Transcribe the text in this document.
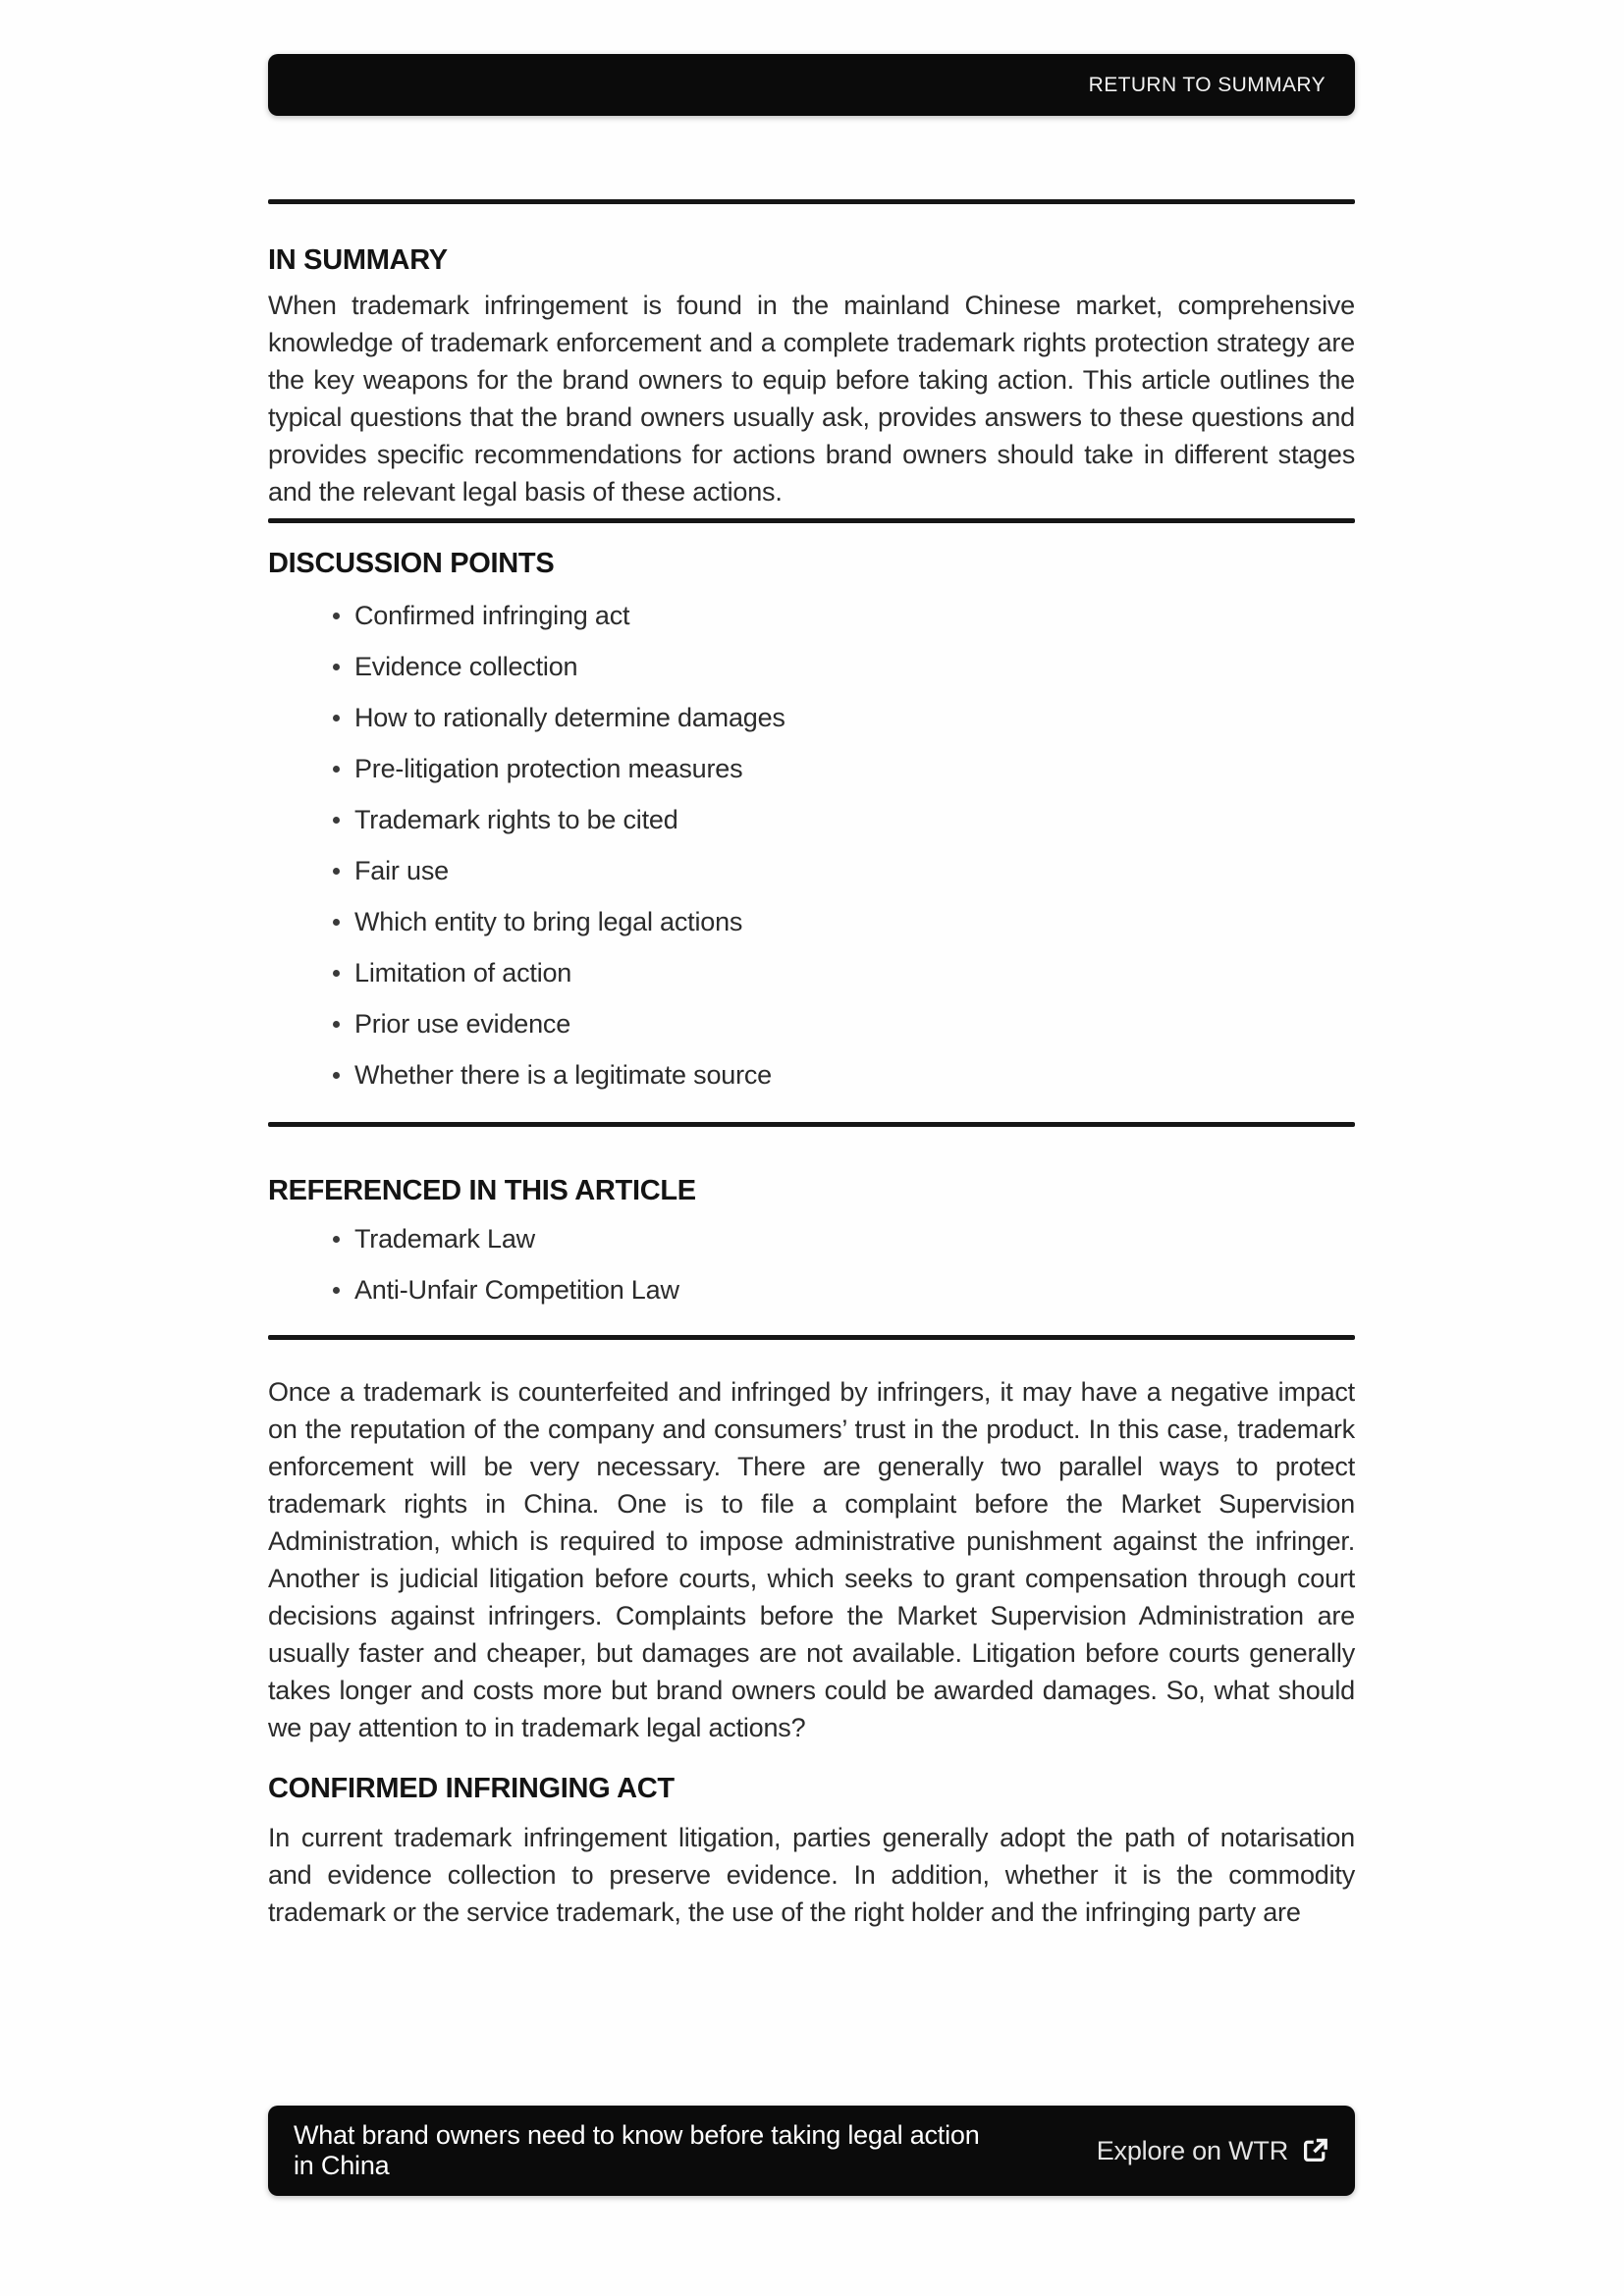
RETURN TO SUMMARY
IN SUMMARY

When trademark infringement is found in the mainland Chinese market, comprehensive knowledge of trademark enforcement and a complete trademark rights protection strategy are the key weapons for the brand owners to equip before taking action. This article outlines the typical questions that the brand owners usually ask, provides answers to these questions and provides specific recommendations for actions brand owners should take in different stages and the relevant legal basis of these actions.

DISCUSSION POINTS
Confirmed infringing act
Evidence collection
How to rationally determine damages
Pre-litigation protection measures
Trademark rights to be cited
Fair use
Which entity to bring legal actions
Limitation of action
Prior use evidence
Whether there is a legitimate source
REFERENCED IN THIS ARTICLE
Trademark Law
Anti-Unfair Competition Law

Once a trademark is counterfeited and infringed by infringers, it may have a negative impact on the reputation of the company and consumers’ trust in the product. In this case, trademark enforcement will be very necessary. There are generally two parallel ways to protect trademark rights in China. One is to file a complaint before the Market Supervision Administration, which is required to impose administrative punishment against the infringer. Another is judicial litigation before courts, which seeks to grant compensation through court decisions against infringers. Complaints before the Market Supervision Administration are usually faster and cheaper, but damages are not available. Litigation before courts generally takes longer and costs more but brand owners could be awarded damages. So, what should we pay attention to in trademark legal actions?

CONFIRMED INFRINGING ACT

In current trademark infringement litigation, parties generally adopt the path of notarisation and evidence collection to preserve evidence. In addition, whether it is the commodity trademark or the service trademark, the use of the right holder and the infringing party are

What brand owners need to know before taking legal action in China
Explore on WTR
